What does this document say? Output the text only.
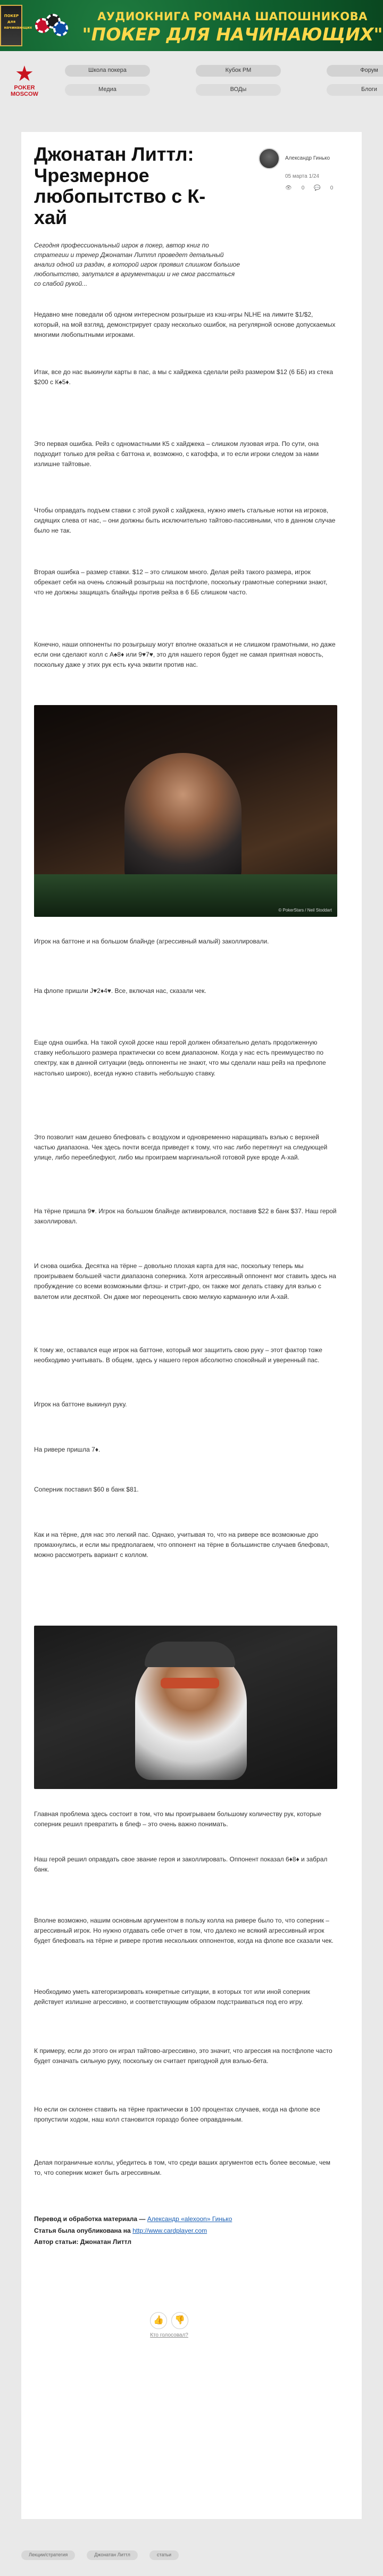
ПОКЕР для начинающих
АУДИОКНИГА РОМАНА ШАПОШНИКОВА
"ПОКЕР ДЛЯ НАЧИНАЮЩИХ"
★
POKER
MOSCOW
Школа покера	Кубок РМ	Форум
Медиа	ВОДы	Блоги
Джонатан Литтл: Чрезмерное любопытство с К-хай
Александр Гинько
05 марта 1/24
👁 0 💬 0

Сегодня профессиональный игрок в покер, автор книг по стратегии и тренер Джонатан Литтл проведет детальный анализ одной из раздач, в которой игрок проявил слишком большое любопытство, запутался в аргументации и не смог расстаться со слабой рукой...

Недавно мне поведали об одном интересном розыгрыше из кэш-игры NLHE на лимите $1/$2, который, на мой взгляд, демонстрирует сразу несколько ошибок, на регулярной основе допускаемых многими любопытными игроками.

Итак, все до нас выкинули карты в пас, а мы с хайджека сделали рейз размером $12 (6 ББ) из стека $200 с К♠5♦.

Это первая ошибка. Рейз с одномастными К5 с хайджека – слишком лузовая игра. По сути, она подходит только для рейза с баттона и, возможно, с катоффа, и то если игроки следом за нами излишне тайтовые.

Чтобы оправдать подъем ставки с этой рукой с хайджека, нужно иметь стальные нотки на игроков, сидящих слева от нас, – они должны быть исключительно тайтово-пассивными, что в данном случае было не так.

Вторая ошибка – размер ставки. $12 – это слишком много. Делая рейз такого размера, игрок обрекает себя на очень сложный розыгрыш на постфлопе, поскольку грамотные соперники знают, что не должны защищать блайнды против рейза в 6 ББ слишком часто.

Конечно, наши оппоненты по розыгрышу могут вполне оказаться и не слишком грамотными, но даже если они сделают колл с А♠8♦ или 9♥7♥, это для нашего героя будет не самая приятная новость, поскольку даже у этих рук есть куча эквити против нас.

© PokerStars / Neil Stoddart

Игрок на баттоне и на большом блайнде (агрессивный малый) заколлировали.

На флопе пришли J♥2♦4♥. Все, включая нас, сказали чек.

Еще одна ошибка. На такой сухой доске наш герой должен обязательно делать продолженную ставку небольшого размера практически со всем диапазоном. Когда у нас есть преимущество по спектру, как в данной ситуации (ведь оппоненты не знают, что мы сделали наш рейз на префлопе настолько широко), всегда нужно ставить небольшую ставку.

Это позволит нам дешево блефовать с воздухом и одновременно наращивать вэлью с верхней частью диапазона. Чек здесь почти всегда приведет к тому, что нас либо перетянут на следующей улице, либо перееблефуют, либо мы проиграем маргинальной готовой руке вроде А-хай.

На тёрне пришла 9♥. Игрок на большом блайнде активировался, поставив $22 в банк $37. Наш герой заколлировал.

И снова ошибка. Десятка на тёрне – довольно плохая карта для нас, поскольку теперь мы проигрываем большей части диапазона соперника. Хотя агрессивный оппонент мог ставить здесь на пробуждение со всеми возможными флэш- и стрит-дро, он также мог делать ставку для вэлью с валетом или десяткой. Он даже мог переоценить свою мелкую карманную или А-хай.

К тому же, оставался еще игрок на баттоне, который мог защитить свою руку – этот фактор тоже необходимо учитывать. В общем, здесь у нашего героя абсолютно спокойный и уверенный пас.

Игрок на баттоне выкинул руку.

На ривере пришла 7♦.

Соперник поставил $60 в банк $81.

Как и на тёрне, для нас это легкий пас. Однако, учитывая то, что на ривере все возможные дро промахнулись, и если мы предполагаем, что оппонент на тёрне в большинстве случаев блефовал, можно рассмотреть вариант с коллом.

Главная проблема здесь состоит в том, что мы проигрываем большому количеству рук, которые соперник решил превратить в блеф – это очень важно понимать.

Наш герой решил оправдать свое звание героя и заколлировать. Оппонент показал 6♦8♦ и забрал банк.

Вполне возможно, нашим основным аргументом в пользу колла на ривере было то, что соперник – агрессивный игрок. Но нужно отдавать себе отчет в том, что далеко не всякий агрессивный игрок будет блефовать на тёрне и ривере против нескольких оппонентов, когда на флопе все сказали чек.

Необходимо уметь категоризировать конкретные ситуации, в которых тот или иной соперник действует излишне агрессивно, и соответствующим образом подстраиваться под его игру.

К примеру, если до этого он играл тайтово-агрессивно, это значит, что агрессия на постфлопе часто будет означать сильную руку, поскольку он считает пригодной для вэлью-бета.

Но если он склонен ставить на тёрне практически в 100 процентах случаев, когда на флопе все пропустили ходом, наш колл становится гораздо более оправданным.

Делая пограничные коллы, убедитесь в том, что среди ваших аргументов есть более весомые, чем то, что соперник может быть агрессивным.

Перевод и обработка материала — Александр «alexoon» Гинько
Статья была опубликована на http://www.cardplayer.com
Автор статьи: Джонатан Литтл
👍	👎
Кто голосовал?
Лекции/стратегия	Джонатан Литтл	статьи
